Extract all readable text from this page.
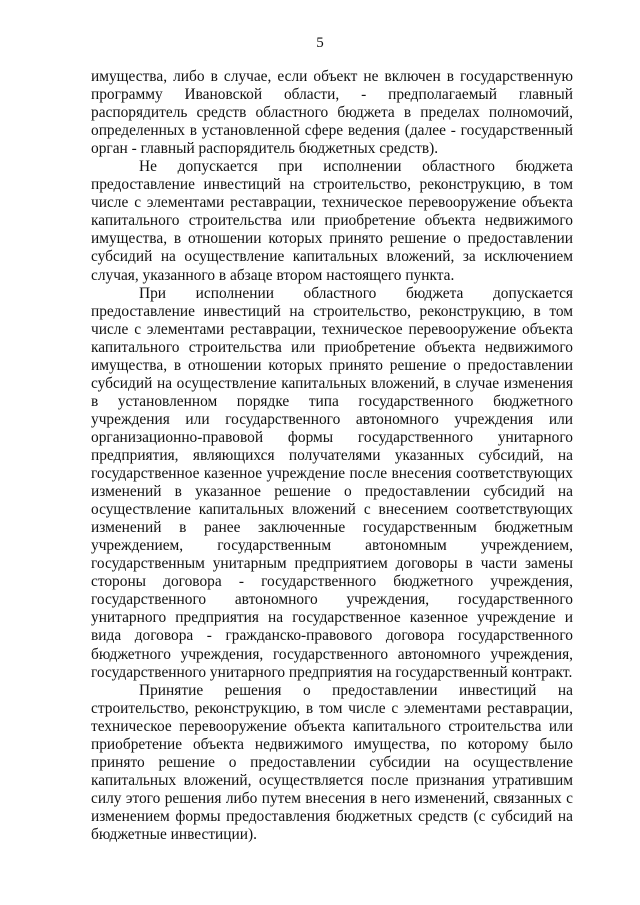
5

имущества, либо в случае, если объект не включен в государственную программу Ивановской области, - предполагаемый главный распорядитель средств областного бюджета в пределах полномочий, определенных в установленной сфере ведения (далее - государственный орган - главный распорядитель бюджетных средств).

Не допускается при исполнении областного бюджета предоставление инвестиций на строительство, реконструкцию, в том числе с элементами реставрации, техническое перевооружение объекта капитального строительства или приобретение объекта недвижимого имущества, в отношении которых принято решение о предоставлении субсидий на осуществление капитальных вложений, за исключением случая, указанного в абзаце втором настоящего пункта.

При исполнении областного бюджета допускается предоставление инвестиций на строительство, реконструкцию, в том числе с элементами реставрации, техническое перевооружение объекта капитального строительства или приобретение объекта недвижимого имущества, в отношении которых принято решение о предоставлении субсидий на осуществление капитальных вложений, в случае изменения в установленном порядке типа государственного бюджетного учреждения или государственного автономного учреждения или организационно-правовой формы государственного унитарного предприятия, являющихся получателями указанных субсидий, на государственное казенное учреждение после внесения соответствующих изменений в указанное решение о предоставлении субсидий на осуществление капитальных вложений с внесением соответствующих изменений в ранее заключенные государственным бюджетным учреждением, государственным автономным учреждением, государственным унитарным предприятием договоры в части замены стороны договора - государственного бюджетного учреждения, государственного автономного учреждения, государственного унитарного предприятия на государственное казенное учреждение и вида договора - гражданско-правового договора государственного бюджетного учреждения, государственного автономного учреждения, государственного унитарного предприятия на государственный контракт.

Принятие решения о предоставлении инвестиций на строительство, реконструкцию, в том числе с элементами реставрации, техническое перевооружение объекта капитального строительства или приобретение объекта недвижимого имущества, по которому было принято решение о предоставлении субсидии на осуществление капитальных вложений, осуществляется после признания утратившим силу этого решения либо путем внесения в него изменений, связанных с изменением формы предоставления бюджетных средств (с субсидий на бюджетные инвестиции).
